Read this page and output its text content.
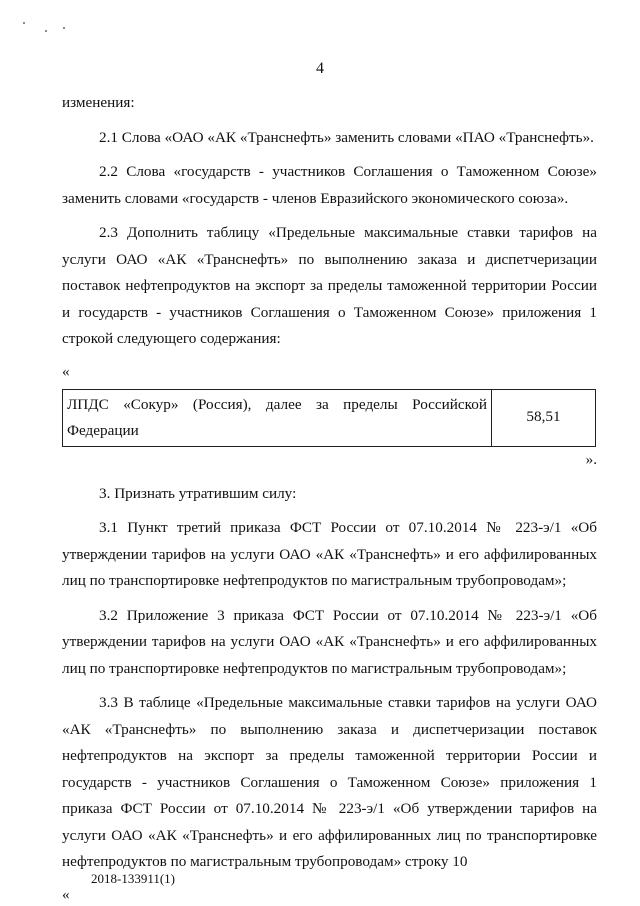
4

изменения:

2.1 Слова «ОАО «АК «Транснефть» заменить словами «ПАО «Транснефть».

2.2 Слова «государств - участников Соглашения о Таможенном Союзе» заменить словами «государств - членов Евразийского экономического союза».

2.3 Дополнить таблицу «Предельные максимальные ставки тарифов на услуги ОАО «АК «Транснефть» по выполнению заказа и диспетчеризации поставок нефтепродуктов на экспорт за пределы таможенной территории России и государств - участников Соглашения о Таможенном Союзе» приложения 1 строкой следующего содержания:

«

ЛПДС «Сокур» (Россия), далее за пределы Российской Федерации	58,51

».

3. Признать утратившим силу:

3.1 Пункт третий приказа ФСТ России от 07.10.2014 № 223-э/1 «Об утверждении тарифов на услуги ОАО «АК «Транснефть» и его аффилированных лиц по транспортировке нефтепродуктов по магистральным трубопроводам»;

3.2 Приложение 3 приказа ФСТ России от 07.10.2014 № 223-э/1 «Об утверждении тарифов на услуги ОАО «АК «Транснефть» и его аффилированных лиц по транспортировке нефтепродуктов по магистральным трубопроводам»;

3.3 В таблице «Предельные максимальные ставки тарифов на услуги ОАО «АК «Транснефть» по выполнению заказа и диспетчеризации поставок нефтепродуктов на экспорт за пределы таможенной территории России и государств - участников Соглашения о Таможенном Союзе» приложения 1 приказа ФСТ России от 07.10.2014 № 223-э/1 «Об утверждении тарифов на услуги ОАО «АК «Транснефть» и его аффилированных лиц по транспортировке нефтепродуктов по магистральным трубопроводам» строку 10

«

2018-133911(1)
